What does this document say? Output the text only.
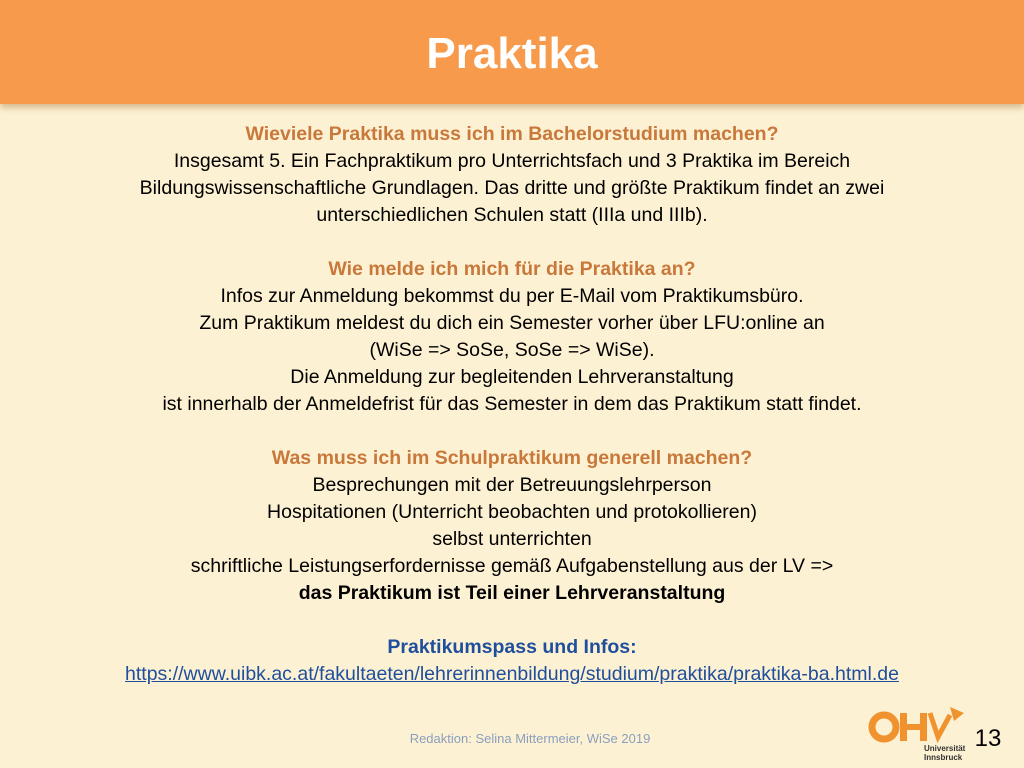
Praktika
Wieviele Praktika muss ich im Bachelorstudium machen?
Insgesamt 5. Ein Fachpraktikum pro Unterrichtsfach und 3 Praktika im Bereich
Bildungswissenschaftliche Grundlagen. Das dritte und größte Praktikum findet an zwei
unterschiedlichen Schulen statt (IIIa und IIIb).
Wie melde ich mich für die Praktika an?
Infos zur Anmeldung bekommst du per E-Mail vom Praktikumsbüro.
Zum Praktikum meldest du dich ein Semester vorher über LFU:online an
(WiSe => SoSe, SoSe => WiSe).
Die Anmeldung zur begleitenden Lehrveranstaltung
ist innerhalb der Anmeldefrist für das Semester in dem das Praktikum statt findet.
Was muss ich im Schulpraktikum generell machen?
Besprechungen mit der Betreuungslehrperson
Hospitationen (Unterricht beobachten und protokollieren)
selbst unterrichten
schriftliche Leistungserfordernisse gemäß Aufgabenstellung aus der LV =>
das Praktikum ist Teil einer Lehrveranstaltung
Praktikumspass und Infos:
https://www.uibk.ac.at/fakultaeten/lehrerinnenbildung/studium/praktika/praktika-ba.html.de
Redaktion: Selina Mittermeier, WiSe 2019
Universität
Innsbruck
13
